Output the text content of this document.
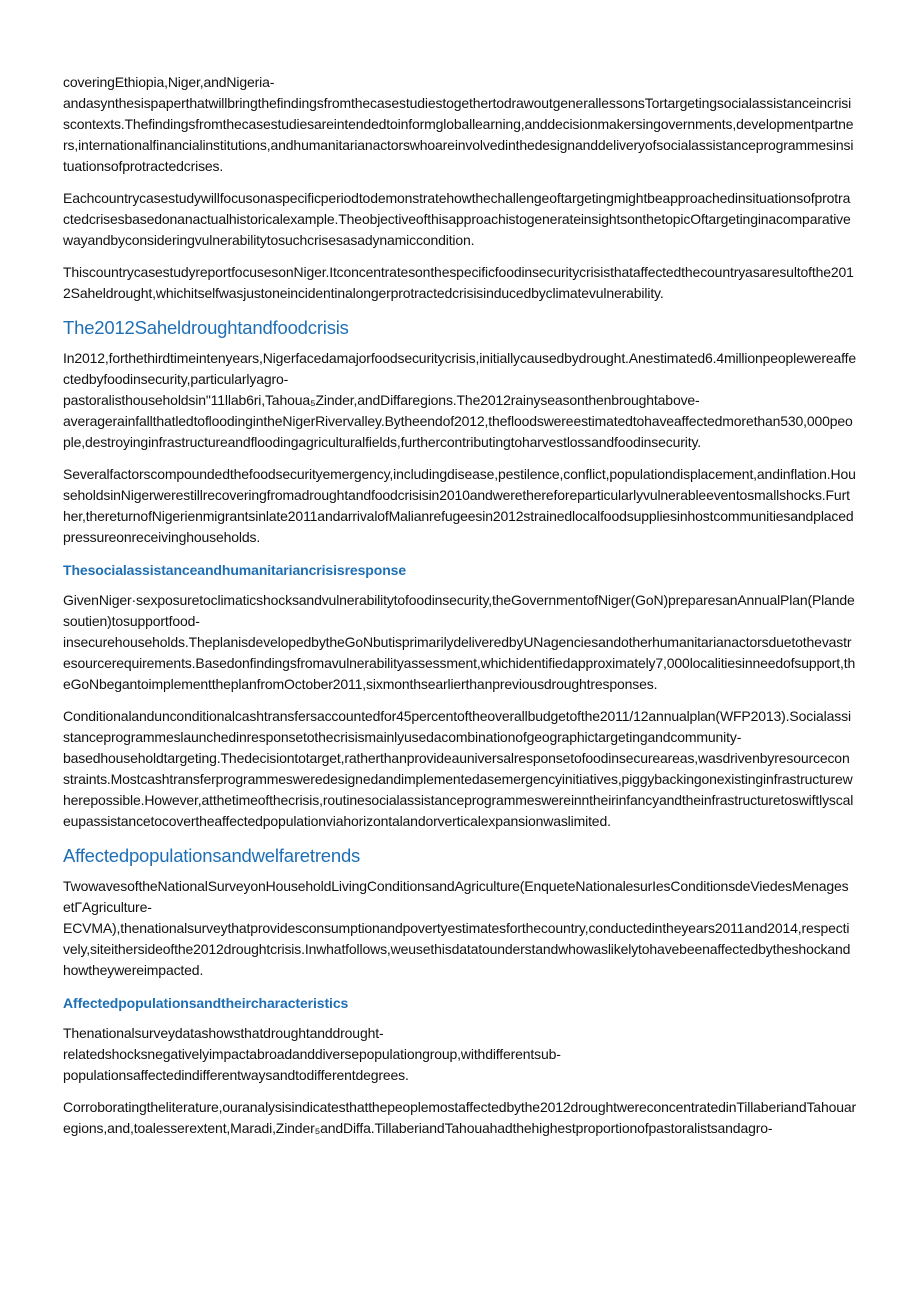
coveringEthiopia,Niger,andNigeria-
andasynthesispaperthatwillbringthefindingsfromthecasestudiestogethertodrawoutgenerallessonsTortargetingsocialassistanceincrisiscontexts.Thefindingsfromthecasestudiesareintendedtoinformgloballearning,anddecisionmakersingovernments,developmentpartners,internationalfinancialinstitutions,andhumanitarianactorswhoareinvolvedinthedesignanddeliveryofsocialassistanceprogrammesinsituationsofprotractedcrises.

Eachcountrycasestudywillfocusonaspecificperiodtodemonstratehowthechallengeoftargetingmightbeapproachedinsituationsofprotractedcrisesbasedonanactualhistoricalexample.TheobjectiveofthisapproachistogenerateinsightsonthetopicOftargetinginacomparativewayandbyconsideringvulnerabilitytosuchcrisesasadynamiccondition.

ThiscountrycasestudyreportfocusesonNiger.Itconcentratesonthespecificfoodinsecuritycrisisthataffectedthecountryasaresultofthe2012Saheldrought,whichitselfwasjustoneincidentinalongerprotractedcrisisinducedbyclimatevulnerability.

The2012Saheldroughtandfoodcrisis

In2012,forthethirdtimeintenyears,Nigerfacedamajorfoodsecuritycrisis,initiallycausedbydrought.Anestimated6.4millionpeoplewereaffectedbyfoodinsecurity,particularlyagro-
pastoralisthouseholdsin"11llab6ri,Tahoua₅Zinder,andDiffaregions.The2012rainyseasonthenbroughtabove-
averagerainfallthatledtofloodingintheNigerRivervalley.Bytheendof2012,thefloodswereestimatedtohaveaffectedmorethan530,000people,destroyinginfrastructureandfloodingagriculturalfields,furthercontributingtoharvestlossandfoodinsecurity.

Severalfactorscompoundedthefoodsecurityemergency,includingdisease,pestilence,conflict,populationdisplacement,andinflation.HouseholdsinNigerwerestillrecoveringfromadroughtandfoodcrisisin2010andwerethereforeparticularlyvulnerableeventosmallshocks.Further,thereturnofNigerienmigrantsinlate2011andarrivalofMalianrefugeesin2012strainedlocalfoodsuppliesinhostcommunitiesandplacedpressureonreceivinghouseholds.

Thesocialassistanceandhumanitariancrisisresponse

GivenNiger·sexposuretoclimaticshocksandvulnerabilitytofoodinsecurity,theGovernmentofNiger(GoN)preparesanAnnualPlan(Plandesoutien)tosupportfood-
insecurehouseholds.TheplanisdevelopedbytheGoNbutisprimarilydeliveredbyUNagenciesandotherhumanitarianactorsduetothevastresourcerequirements.Basedonfindingsfromavulnerabilityassessment,whichidentifiedapproximately7,000localitiesinneedofsupport,theGoNbegantoimplementtheplanfromOctober2011,sixmonthsearlierthanpreviousdroughtresponses.

Conditionalandunconditionalcashtransfersaccountedfor45percentoftheoverallbudgetofthe2011/12annualplan(WFP2013).Socialassistanceprogrammeslaunchedinresponsetothecrisismainlyusedacombinationofgeographictargetingandcommunity-
basedhouseholdtargeting.Thedecisiontotarget,ratherthanprovideauniversalresponsetofoodinsecureareas,wasdrivenbyresourceconstraints.Mostcashtransferprogrammesweredesignedandimplementedasemergencyinitiatives,piggybackingonexistinginfrastructurewherepossible.However,atthetimeofthecrisis,routinesocialassistanceprogrammeswereinntheirinfancyandtheinfrastructuretoswiftlyscaleupassistancetocovertheaffectedpopulationviahorizontalandorverticalexpansionwaslimited.

Affectedpopulationsandwelfaretrends

TwowavesoftheNationalSurveyonHouseholdLivingConditionsandAgriculture(EnqueteNationalesurIesConditionsdeViedesMenagesetΓAgriculture-
ECVMA),thenationalsurveythatprovidesconsumptionandpovertyestimatesforthecountry,conductedintheyears2011and2014,respectively,siteithersideofthe2012droughtcrisis.Inwhatfollows,weusethisdatatounderstandwhowaslikelytohavebeenaffectedbytheshockandhowtheywereimpacted.

Affectedpopulationsandtheircharacteristics

Thenationalsurveydatashowsthatdroughtanddrought-
relatedshocksnegativelyimpactabroadanddiversepopulationgroup,withdifferentsub-
populationsaffectedindifferentwaysandtodifferentdegrees.

Corroboratingtheliterature,ouranalysisindicatesthatthepeoplemostaffectedbythe2012droughtwereconcentratedinTillaberiandTahouaregions,and,toalesserextent,Maradi,Zinder₅andDiffa.TillaberiandTahouahadthehighestproportionofpastoralistsandagro-
